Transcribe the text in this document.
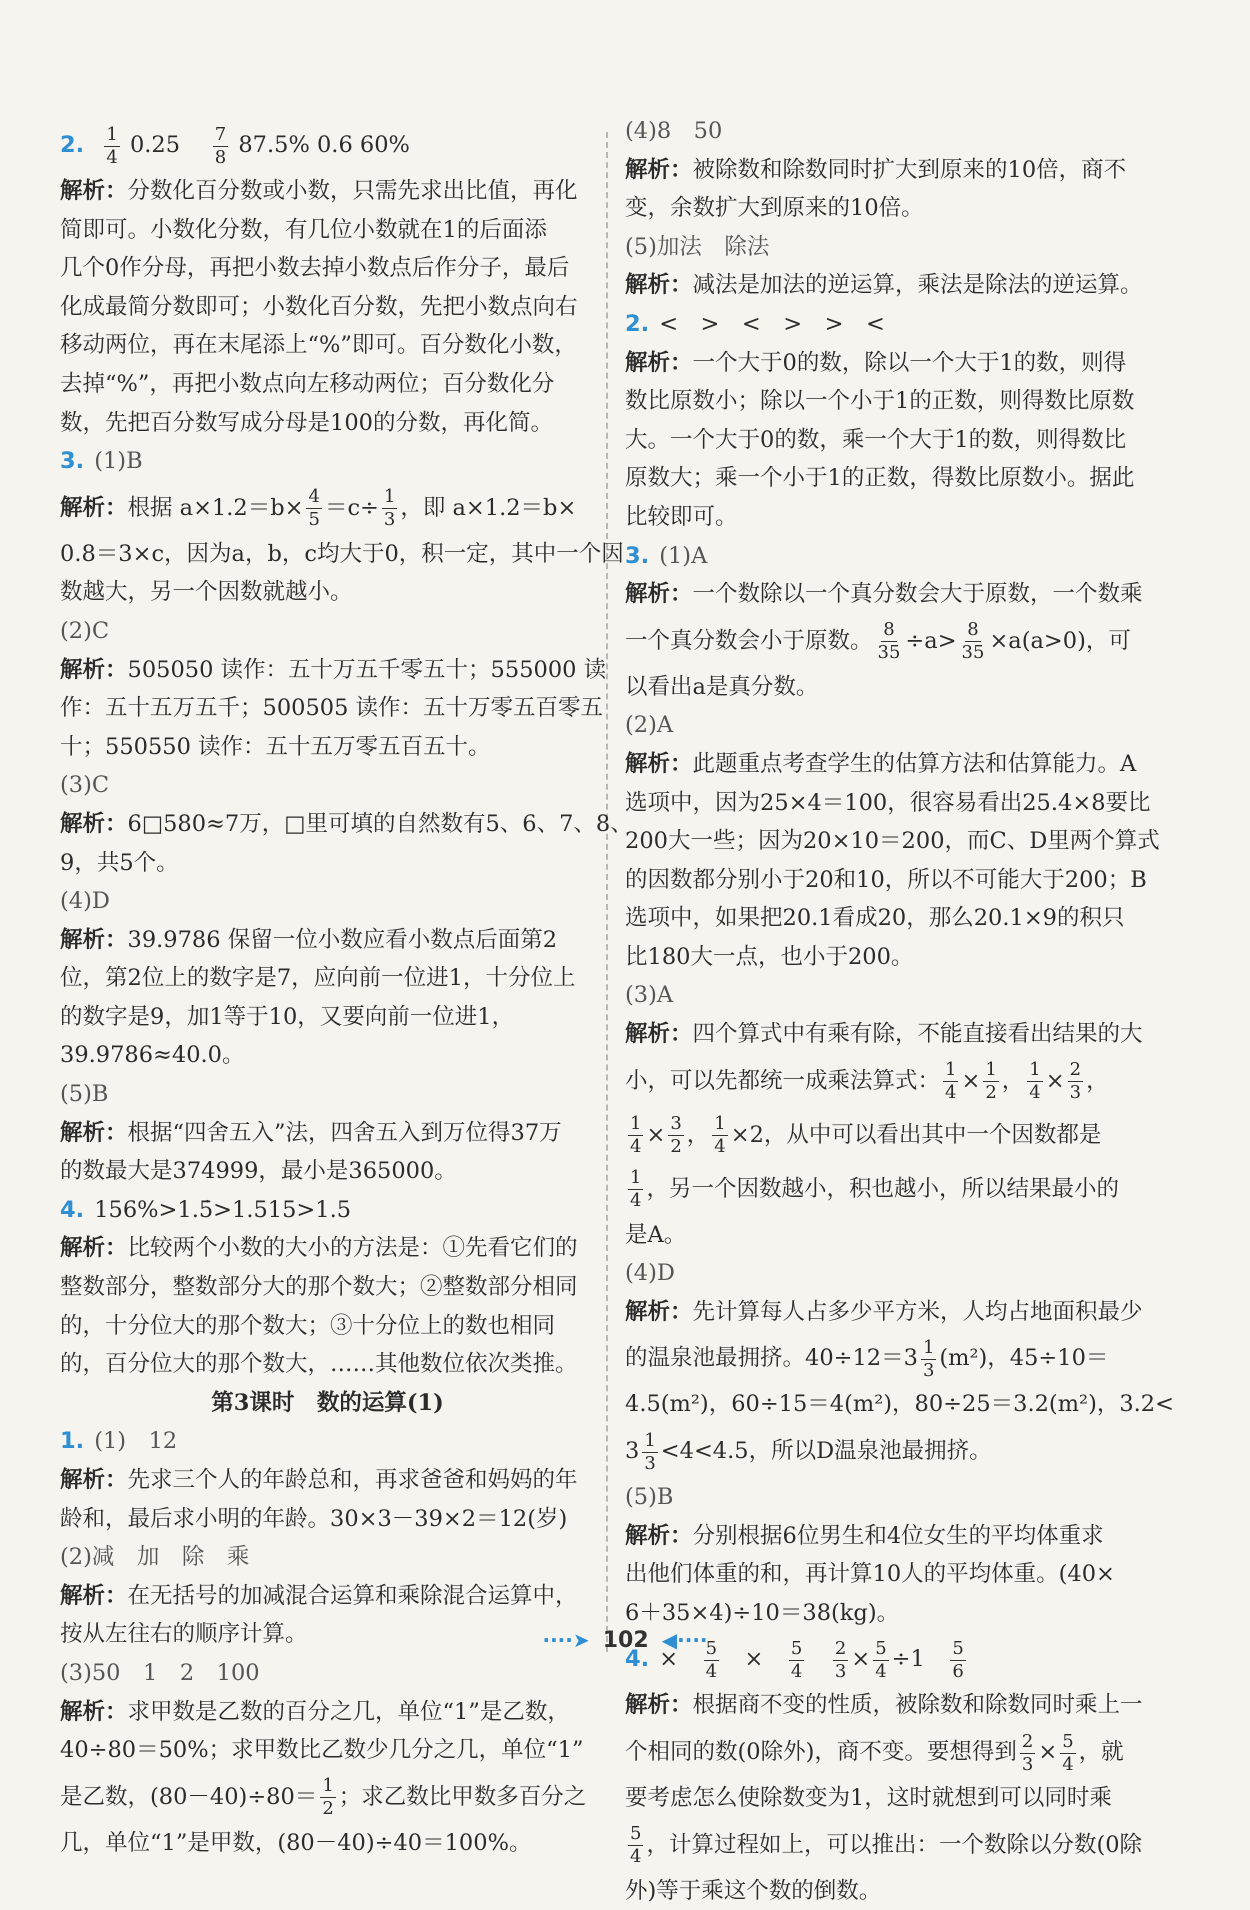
2. $\frac{1}{4} 0.25$　 $\frac{7}{8} 87.5\%$ 0.6 60%
解析：分数化百分数或小数，只需先求出比值，再化
简即可。小数化分数，有几位小数就在1的后面添
几个0作分母，再把小数去掉小数点后作分子，最后
化成最简分数即可；小数化百分数，先把小数点向右
移动两位，再在末尾添上“%”即可。百分数化小数，
去掉“%”，再把小数点向左移动两位；百分数化分
数，先把百分数写成分母是100的分数，再化简。
3. (1)B
解析：根据 $a\times 1.2=b\times \frac{4}{5} =c\div \frac{1}{3}$ ，即 a×1.2＝b×
0.8＝3×c，因为a，b，c均大于0，积一定，其中一个因
数越大，另一个因数就越小。
(2)C
解析：505050 读作：五十万五千零五十；555000 读
作：五十五万五千；500505 读作：五十万零五百零五
十；550550 读作：五十五万零五百五十。
(3)C
解析：6□580≈7万，□里可填的自然数有5、6、7、8、
9，共5个。
(4)D
解析：39.9786 保留一位小数应看小数点后面第2
位，第2位上的数字是7，应向前一位进1，十分位上
的数字是9，加1等于10，又要向前一位进1，
39.9786≈40.0。
(5)B
解析：根据“四舍五入”法，四舍五入到万位得37万
的数最大是374999，最小是365000。
4. 156%>1.5̇>1.515>1.5
解析：比较两个小数的大小的方法是：①先看它们的
整数部分，整数部分大的那个数大；②整数部分相同
的，十分位大的那个数大；③十分位上的数也相同
的，百分位大的那个数大，……其他数位依次类推。
第3课时　数的运算(1)
1. (1)　12
解析：先求三个人的年龄总和，再求爸爸和妈妈的年
龄和，最后求小明的年龄。30×3－39×2＝12(岁)
(2)减　加　除　乘
解析：在无括号的加减混合运算和乘除混合运算中，
按从左往右的顺序计算。
(3)50　1　2　100
解析：求甲数是乙数的百分之几，单位“1”是乙数，
40÷80＝50%；求甲数比乙数少几分之几，单位“1”
是乙数，$(80-40)\div 80= \frac{1}{2}$ ；求乙数比甲数多百分之
几，单位“1”是甲数，(80－40)÷40＝100%。
(4)8　50
解析：被除数和除数同时扩大到原来的10倍，商不
变，余数扩大到原来的10倍。
(5)加法　除法
解析：减法是加法的逆运算，乘法是除法的逆运算。
2. <　>　<　>　>　<
解析：一个大于0的数，除以一个大于1的数，则得
数比原数小；除以一个小于1的正数，则得数比原数
大。一个大于0的数，乘一个大于1的数，则得数比
原数大；乘一个小于1的正数，得数比原数小。据此
比较即可。
3. (1)A
解析：一个数除以一个真分数会大于原数，一个数乘
一个真分数会小于原数。 $\frac{8}{35} \div a> \frac{8}{35} \times a(a>0)$，可
以看出a是真分数。
(2)A
解析：此题重点考查学生的估算方法和估算能力。A
选项中，因为25×4＝100，很容易看出25.4×8要比
200大一些；因为20×10＝200，而C、D里两个算式
的因数都分别小于20和10，所以不可能大于200；B
选项中，如果把20.1看成20，那么20.1×9的积只
比180大一点，也小于200。
(3)A
解析：四个算式中有乘有除，不能直接看出结果的大
小，可以先都统一成乘法算式： $\frac{1}{4} \times \frac{1}{2}$ ， $\frac{1}{4} \times \frac{2}{3}$ ，
$\frac{1}{4} \times \frac{3}{2}$ ， $\frac{1}{4} \times 2$，从中可以看出其中一个因数都是
$\frac{1}{4}$ ，另一个因数越小，积也越小，所以结果最小的
是A。
(4)D
解析：先计算每人占多少平方米，人均占地面积最少
的温泉池最拥挤。$40\div 12=3 \frac{1}{3} (m^2)$，45÷10＝
4.5(m²)，60÷15＝4(m²)，80÷25＝3.2(m²)，3.2<
$3 \frac{1}{3} <4<4.5$，所以D温泉池最拥挤。
(5)B
解析：分别根据6位男生和4位女生的平均体重求
出他们体重的和，再计算10人的平均体重。(40×
6＋35×4)÷10＝38(kg)。
4. ×　 $\frac{5}{4}$
　 ×　 $\frac{5}{4}$
　 $\frac{2}{3} \times \frac{5}{4} \div 1$　 $\frac{5}{6}$
解析：根据商不变的性质，被除数和除数同时乘上一
个相同的数(0除外)，商不变。要想得到 $\frac{2}{3} \times \frac{5}{4}$ ，就
要考虑怎么使除数变为1，这时就想到可以同时乘
$\frac{5}{4}$ ，计算过程如上，可以推出：一个数除以分数(0除
外)等于乘这个数的倒数。
····➤ 102 ◀····
